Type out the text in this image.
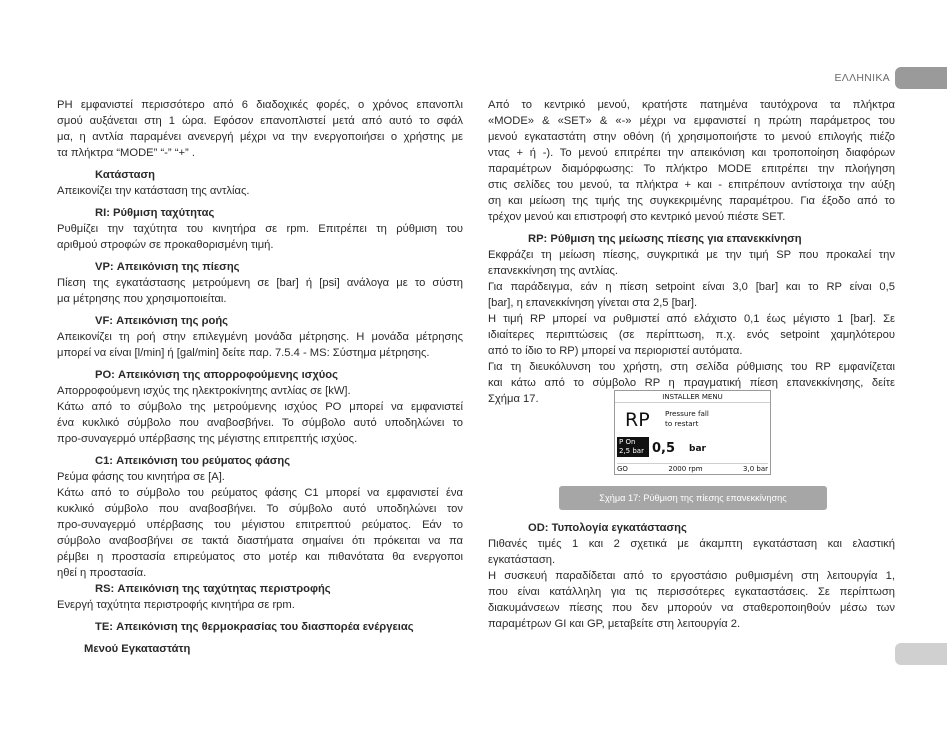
ΕΛΛΗΝΙΚΑ

ΡΗ εμφανιστεί περισσότερο από 6 διαδοχικές φορές, ο χρόνος επανοπλι

σμού αυξάνεται στη 1 ώρα. Εφόσον επανοπλιστεί μετά από αυτό το σφάλ

μα, η αντλία παραμένει ανενεργή μέχρι να την ενεργοποιήσει ο χρήστης με

τα πλήκτρα “MODE” “-” “+” .

Κατάσταση

Απεικονίζει την κατάσταση της αντλίας.

RI: Ρύθμιση ταχύτητας

Ρυθμίζει την ταχύτητα του κινητήρα σε rpm. Επιτρέπει τη ρύθμιση του

αριθμού στροφών σε προκαθορισμένη τιμή.

VP: Απεικόνιση της πίεσης

Πίεση της εγκατάστασης μετρούμενη σε [bar] ή [psi] ανάλογα με το σύστη

μα μέτρησης που χρησιμοποιείται.

VF: Απεικόνιση της ροής

Απεικονίζει τη ροή στην επιλεγμένη μονάδα μέτρησης. Η μονάδα μέτρησης

μπορεί να είναι [l/min] ή [gal/min] δείτε παρ. 7.5.4 - MS: Σύστημα μέτρησης.

PO: Απεικόνιση της απορροφούμενης ισχύος

Απορροφούμενη ισχύς της ηλεκτροκίνητης αντλίας σε [kW].

Κάτω από το σύμβολο της μετρούμενης ισχύος PO μπορεί να εμφανιστεί

ένα κυκλικό σύμβολο που αναβοσβήνει. Το σύμβολο αυτό υποδηλώνει το

προ-συναγερμό υπέρβασης της μέγιστης επιτρεπτής ισχύος.

C1: Απεικόνιση του ρεύματος φάσης

Ρεύμα φάσης του κινητήρα σε [A].

Κάτω από το σύμβολο του ρεύματος φάσης C1 μπορεί να εμφανιστεί ένα

κυκλικό σύμβολο που αναβοσβήνει. Το σύμβολο αυτό υποδηλώνει τον

προ-συναγερμό υπέρβασης του μέγιστου επιτρεπτού ρεύματος. Εάν το

σύμβολο αναβοσβήνει σε τακτά διαστήματα σημαίνει ότι πρόκειται να πα

ρέμβει η προστασία επιρεύματος στο μοτέρ και πιθανότατα θα ενεργοποι

ηθεί η προστασία.

RS: Απεικόνιση της ταχύτητας περιστροφής

Ενεργή ταχύτητα περιστροφής κινητήρα σε rpm.

TE: Απεικόνιση της θερμοκρασίας του διασπορέα ενέργειας

Μενού Εγκαταστάτη

Από το κεντρικό μενού, κρατήστε πατημένα ταυτόχρονα τα πλήκτρα

«MODE» & «SET» & «-» μέχρι να εμφανιστεί η πρώτη παράμετρος του

μενού εγκαταστάτη στην οθόνη (ή χρησιμοποιήστε το μενού επιλογής πιέζο

ντας + ή -). Το μενού επιτρέπει την απεικόνιση και τροποποίηση διαφόρων

παραμέτρων διαμόρφωσης: Το πλήκτρο MODE επιτρέπει την πλοήγηση

στις σελίδες του μενού, τα πλήκτρα + και - επιτρέπουν αντίστοιχα την αύξη

ση και μείωση της τιμής της συγκεκριμένης παραμέτρου. Για έξοδο από το

τρέχον μενού και επιστροφή στο κεντρικό μενού πιέστε SET.

RP: Ρύθμιση της μείωσης πίεσης για επανεκκίνηση

Εκφράζει τη μείωση πίεσης, συγκριτικά με την τιμή SP που προκαλεί την

επανεκκίνηση της αντλίας.

Για παράδειγμα, εάν η πίεση setpoint είναι 3,0 [bar] και το RP είναι 0,5

[bar], η επανεκκίνηση γίνεται στα 2,5 [bar].

Η τιμή RP μπορεί να ρυθμιστεί από ελάχιστο 0,1 έως μέγιστο 1 [bar]. Σε

ιδιαίτερες περιπτώσεις (σε περίπτωση, π.χ. ενός setpoint χαμηλότερου

από το ίδιο το RP) μπορεί να περιοριστεί αυτόματα.

Για τη διευκόλυνση του χρήστη, στη σελίδα ρύθμισης του RP εμφανίζεται

και κάτω από το σύμβολο RP η πραγματική πίεση επανεκκίνησης, δείτε

Σχήμα 17.	INSTALLER MENU
RP Pressure fall
to restart
P On
2,5 bar 0,5 bar
GO	2000 rpm	3,0 bar
Σχήμα 17: Ρύθμιση της πίεσης επανεκκίνησης

OD: Τυπολογία εγκατάστασης

Πιθανές τιμές 1 και 2 σχετικά με άκαμπτη εγκατάσταση και ελαστική

εγκατάσταση.

Η συσκευή παραδίδεται από το εργοστάσιο ρυθμισμένη στη λειτουργία 1,

που είναι κατάλληλη για τις περισσότερες εγκαταστάσεις. Σε περίπτωση

διακυμάνσεων πίεσης που δεν μπορούν να σταθεροποιηθούν μέσω των

παραμέτρων GI και GP, μεταβείτε στη λειτουργία 2.
